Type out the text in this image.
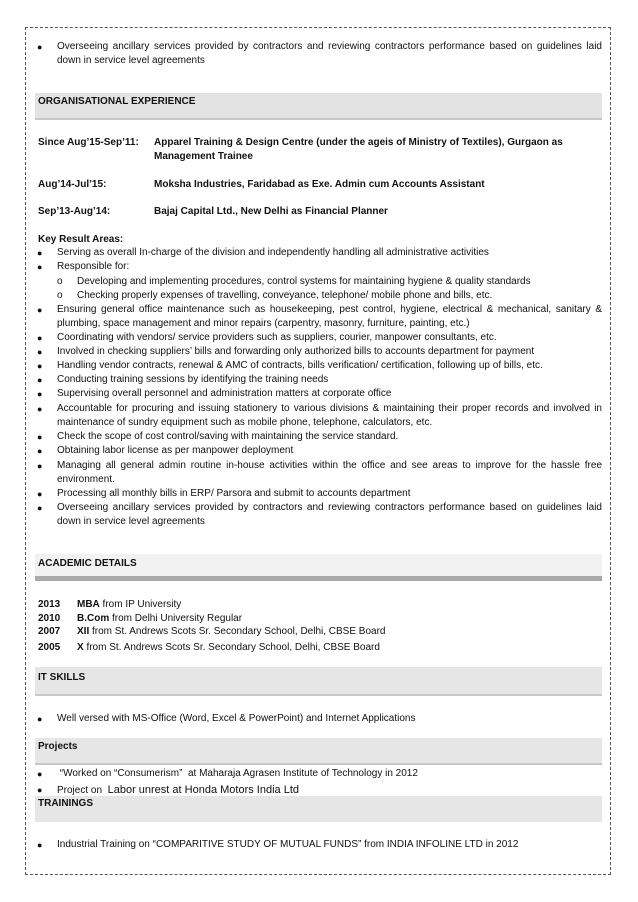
●	Overseeing ancillary services provided by contractors and reviewing contractors performance based on guidelines laid down in service level agreements
ORGANISATIONAL EXPERIENCE
Since Aug’15-Sep’11: Apparel Training & Design Centre (under the ageis of Ministry of Textiles), Gurgaon as Management Trainee
Aug’14-Jul’15:	Moksha Industries, Faridabad as Exe. Admin cum Accounts Assistant
Sep’13-Aug’14:	Bajaj Capital Ltd., New Delhi as Financial Planner
Key Result Areas:
●	Serving as overall In-charge of the division and independently handling all administrative activities
●	Responsible for:
o	Developing and implementing procedures, control systems for maintaining hygiene & quality standards
o	Checking properly expenses of travelling, conveyance, telephone/ mobile phone and bills, etc.
●	Ensuring general office maintenance such as housekeeping, pest control, hygiene, electrical & mechanical, sanitary & plumbing, space management and minor repairs (carpentry, masonry, furniture, painting, etc.)
●	Coordinating with vendors/ service providers such as suppliers, courier, manpower consultants, etc.
●	Involved in checking suppliers’ bills and forwarding only authorized bills to accounts department for payment
●	Handling vendor contracts, renewal & AMC of contracts, bills verification/ certification, following up of bills, etc.
●	Conducting training sessions by identifying the training needs
●	Supervising overall personnel and administration matters at corporate office
●	Accountable for procuring and issuing stationery to various divisions & maintaining their proper records and involved in maintenance of sundry equipment such as mobile phone, telephone, calculators, etc.
●	Check the scope of cost control/saving with maintaining the service standard.
●	Obtaining labor license as per manpower deployment
●	Managing all general admin routine in-house activities within the office and see areas to improve for the hassle free environment.
●	Processing all monthly bills in ERP/ Parsora and submit to accounts department
●	Overseeing ancillary services provided by contractors and reviewing contractors performance based on guidelines laid down in service level agreements
ACADEMIC DETAILS
2013 MBA from IP University
2010 B.Com from Delhi University Regular
2007 XII from St. Andrews Scots Sr. Secondary School, Delhi, CBSE Board
2005 X from St. Andrews Scots Sr. Secondary School, Delhi, CBSE Board
IT SKILLS
●	Well versed with MS-Office (Word, Excel & PowerPoint) and Internet Applications
Projects
●	“Worked on “Consumerism”  at Maharaja Agrasen Institute of Technology in 2012
●	Project on  Labor unrest at Honda Motors India Ltd
TRAININGS
●	Industrial Training on “COMPARITIVE STUDY OF MUTUAL FUNDS” from INDIA INFOLINE LTD in 2012
